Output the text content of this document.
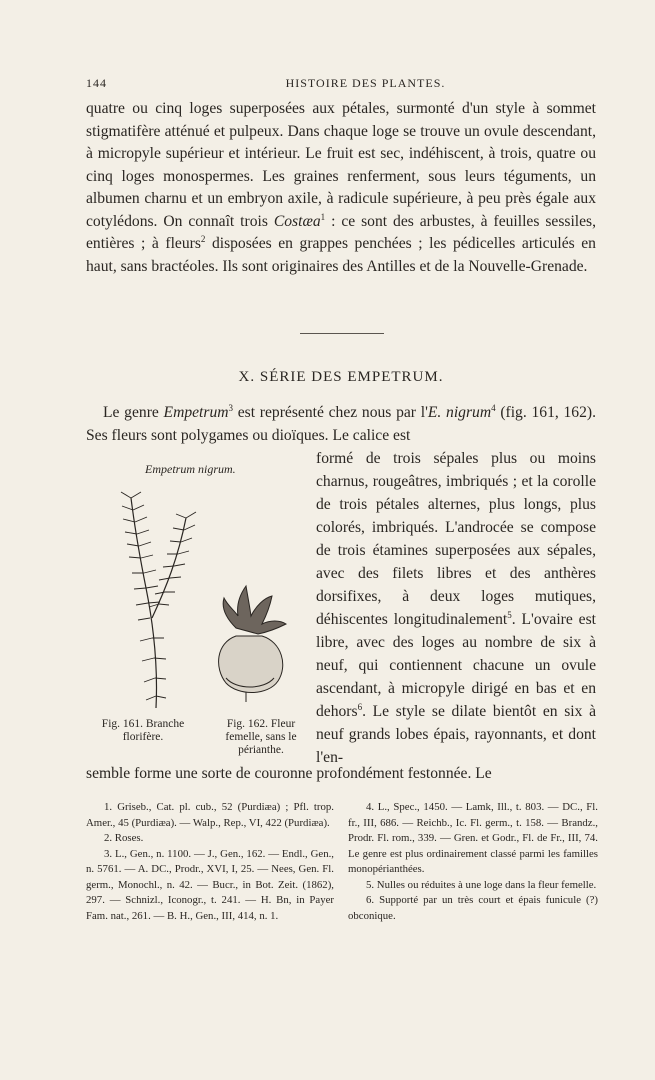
144	HISTOIRE DES PLANTES.

quatre ou cinq loges superposées aux pétales, surmonté d'un style à sommet stigmatifère atténué et pulpeux. Dans chaque loge se trouve un ovule descendant, à micropyle supérieur et intérieur. Le fruit est sec, indéhiscent, à trois, quatre ou cinq loges monospermes. Les graines renferment, sous leurs téguments, un albumen charnu et un embryon axile, à radicule supérieure, à peu près égale aux cotylédons. On connaît trois Costæa$^1$ : ce sont des arbustes, à feuilles sessiles, entières ; à fleurs$^2$ disposées en grappes penchées ; les pédicelles articulés en haut, sans bractéoles. Ils sont originaires des Antilles et de la Nouvelle-Grenade.

X. SÉRIE DES EMPETRUM.
Le genre Empetrum$^3$ est représenté chez nous par l'E. nigrum$^4$ (fig. 161, 162). Ses fleurs sont polygames ou dioïques. Le calice est
formé de trois sépales plus ou moins charnus, rougeâtres, imbriqués ; et la corolle de trois pétales alternes, plus longs, plus colorés, imbriqués. L'androcée se compose de trois étamines superposées aux sépales, avec des filets libres et des anthères dorsifixes, à deux loges mutiques, déhiscentes longitudinalement$^5$. L'ovaire est libre, avec des loges au nombre de six à neuf, qui contiennent chacune un ovule ascendant, à micropyle dirigé en bas et en dehors$^6$. Le style se dilate bientôt en six à neuf grands lobes épais, rayonnants, et dont l'en-
Empetrum nigrum.
Fig. 161. Branche florifère.
Fig. 162. Fleur femelle, sans le périanthe.
semble forme une sorte de couronne profondément festonnée. Le

1. Griseb., Cat. pl. cub., 52 (Purdiæa) ; Pfl. trop. Amer., 45 (Purdiæa). — Walp., Rep., VI, 422 (Purdiæa).

2. Roses.

3. L., Gen., n. 1100. — J., Gen., 162. — Endl., Gen., n. 5761. — A. DC., Prodr., XVI, I, 25. — Nees, Gen. Fl. germ., Monochl., n. 42. — Bucr., in Bot. Zeit. (1862), 297. — Schnizl., Iconogr., t. 241. — H. Bn, in Payer Fam. nat., 261. — B. H., Gen., III, 414, n. 1.

4. L., Spec., 1450. — Lamk, Ill., t. 803. — DC., Fl. fr., III, 686. — Reichb., Ic. Fl. germ., t. 158. — Brandz., Prodr. Fl. rom., 339. — Gren. et Godr., Fl. de Fr., III, 74. Le genre est plus ordinairement classé parmi les familles monopérianthées.

5. Nulles ou réduites à une loge dans la fleur femelle.

6. Supporté par un très court et épais funicule (?) obconique.
